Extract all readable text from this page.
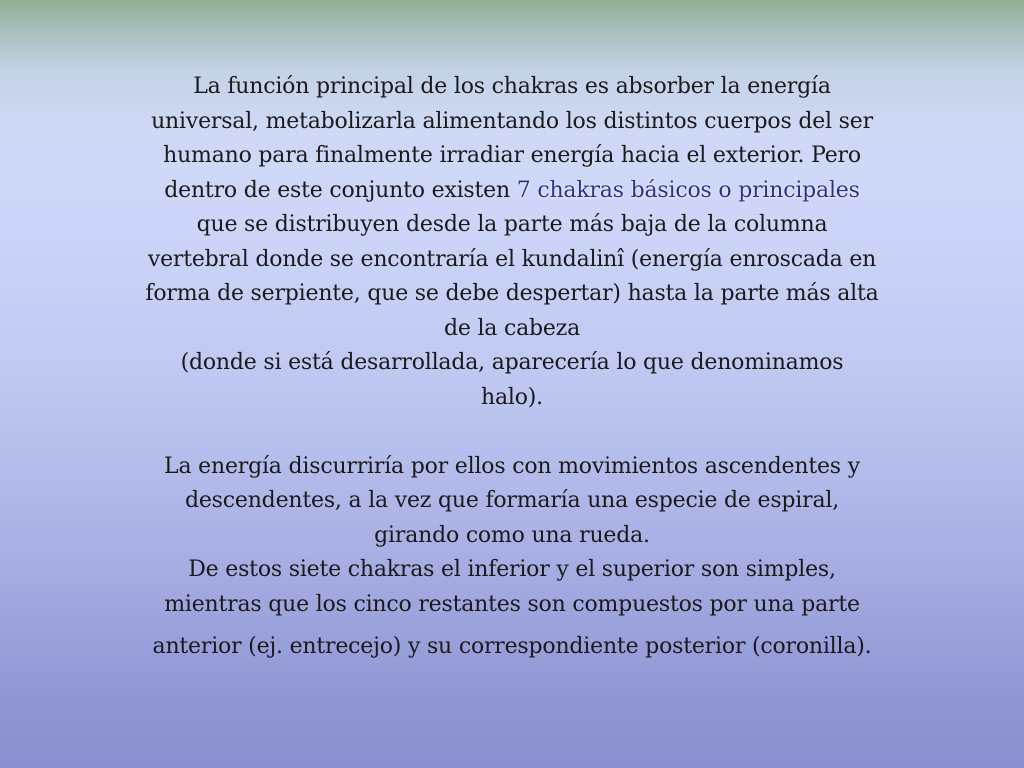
La función principal de los chakras es absorber la energía
universal, metabolizarla alimentando los distintos cuerpos del ser
humano para finalmente irradiar energía hacia el exterior. Pero
dentro de este conjunto existen 7 chakras básicos o principales
que se distribuyen desde la parte más baja de la columna
vertebral donde se encontraría el kundalinî (energía enroscada en
forma de serpiente, que se debe despertar) hasta la parte más alta
de la cabeza
(donde si está desarrollada, aparecería lo que denominamos
halo).
La energía discurriría por ellos con movimientos ascendentes y
descendentes, a la vez que formaría una especie de espiral,
girando como una rueda.
De estos siete chakras el inferior y el superior son simples,
mientras que los cinco restantes son compuestos por una parte
anterior (ej. entrecejo) y su correspondiente posterior (coronilla).
